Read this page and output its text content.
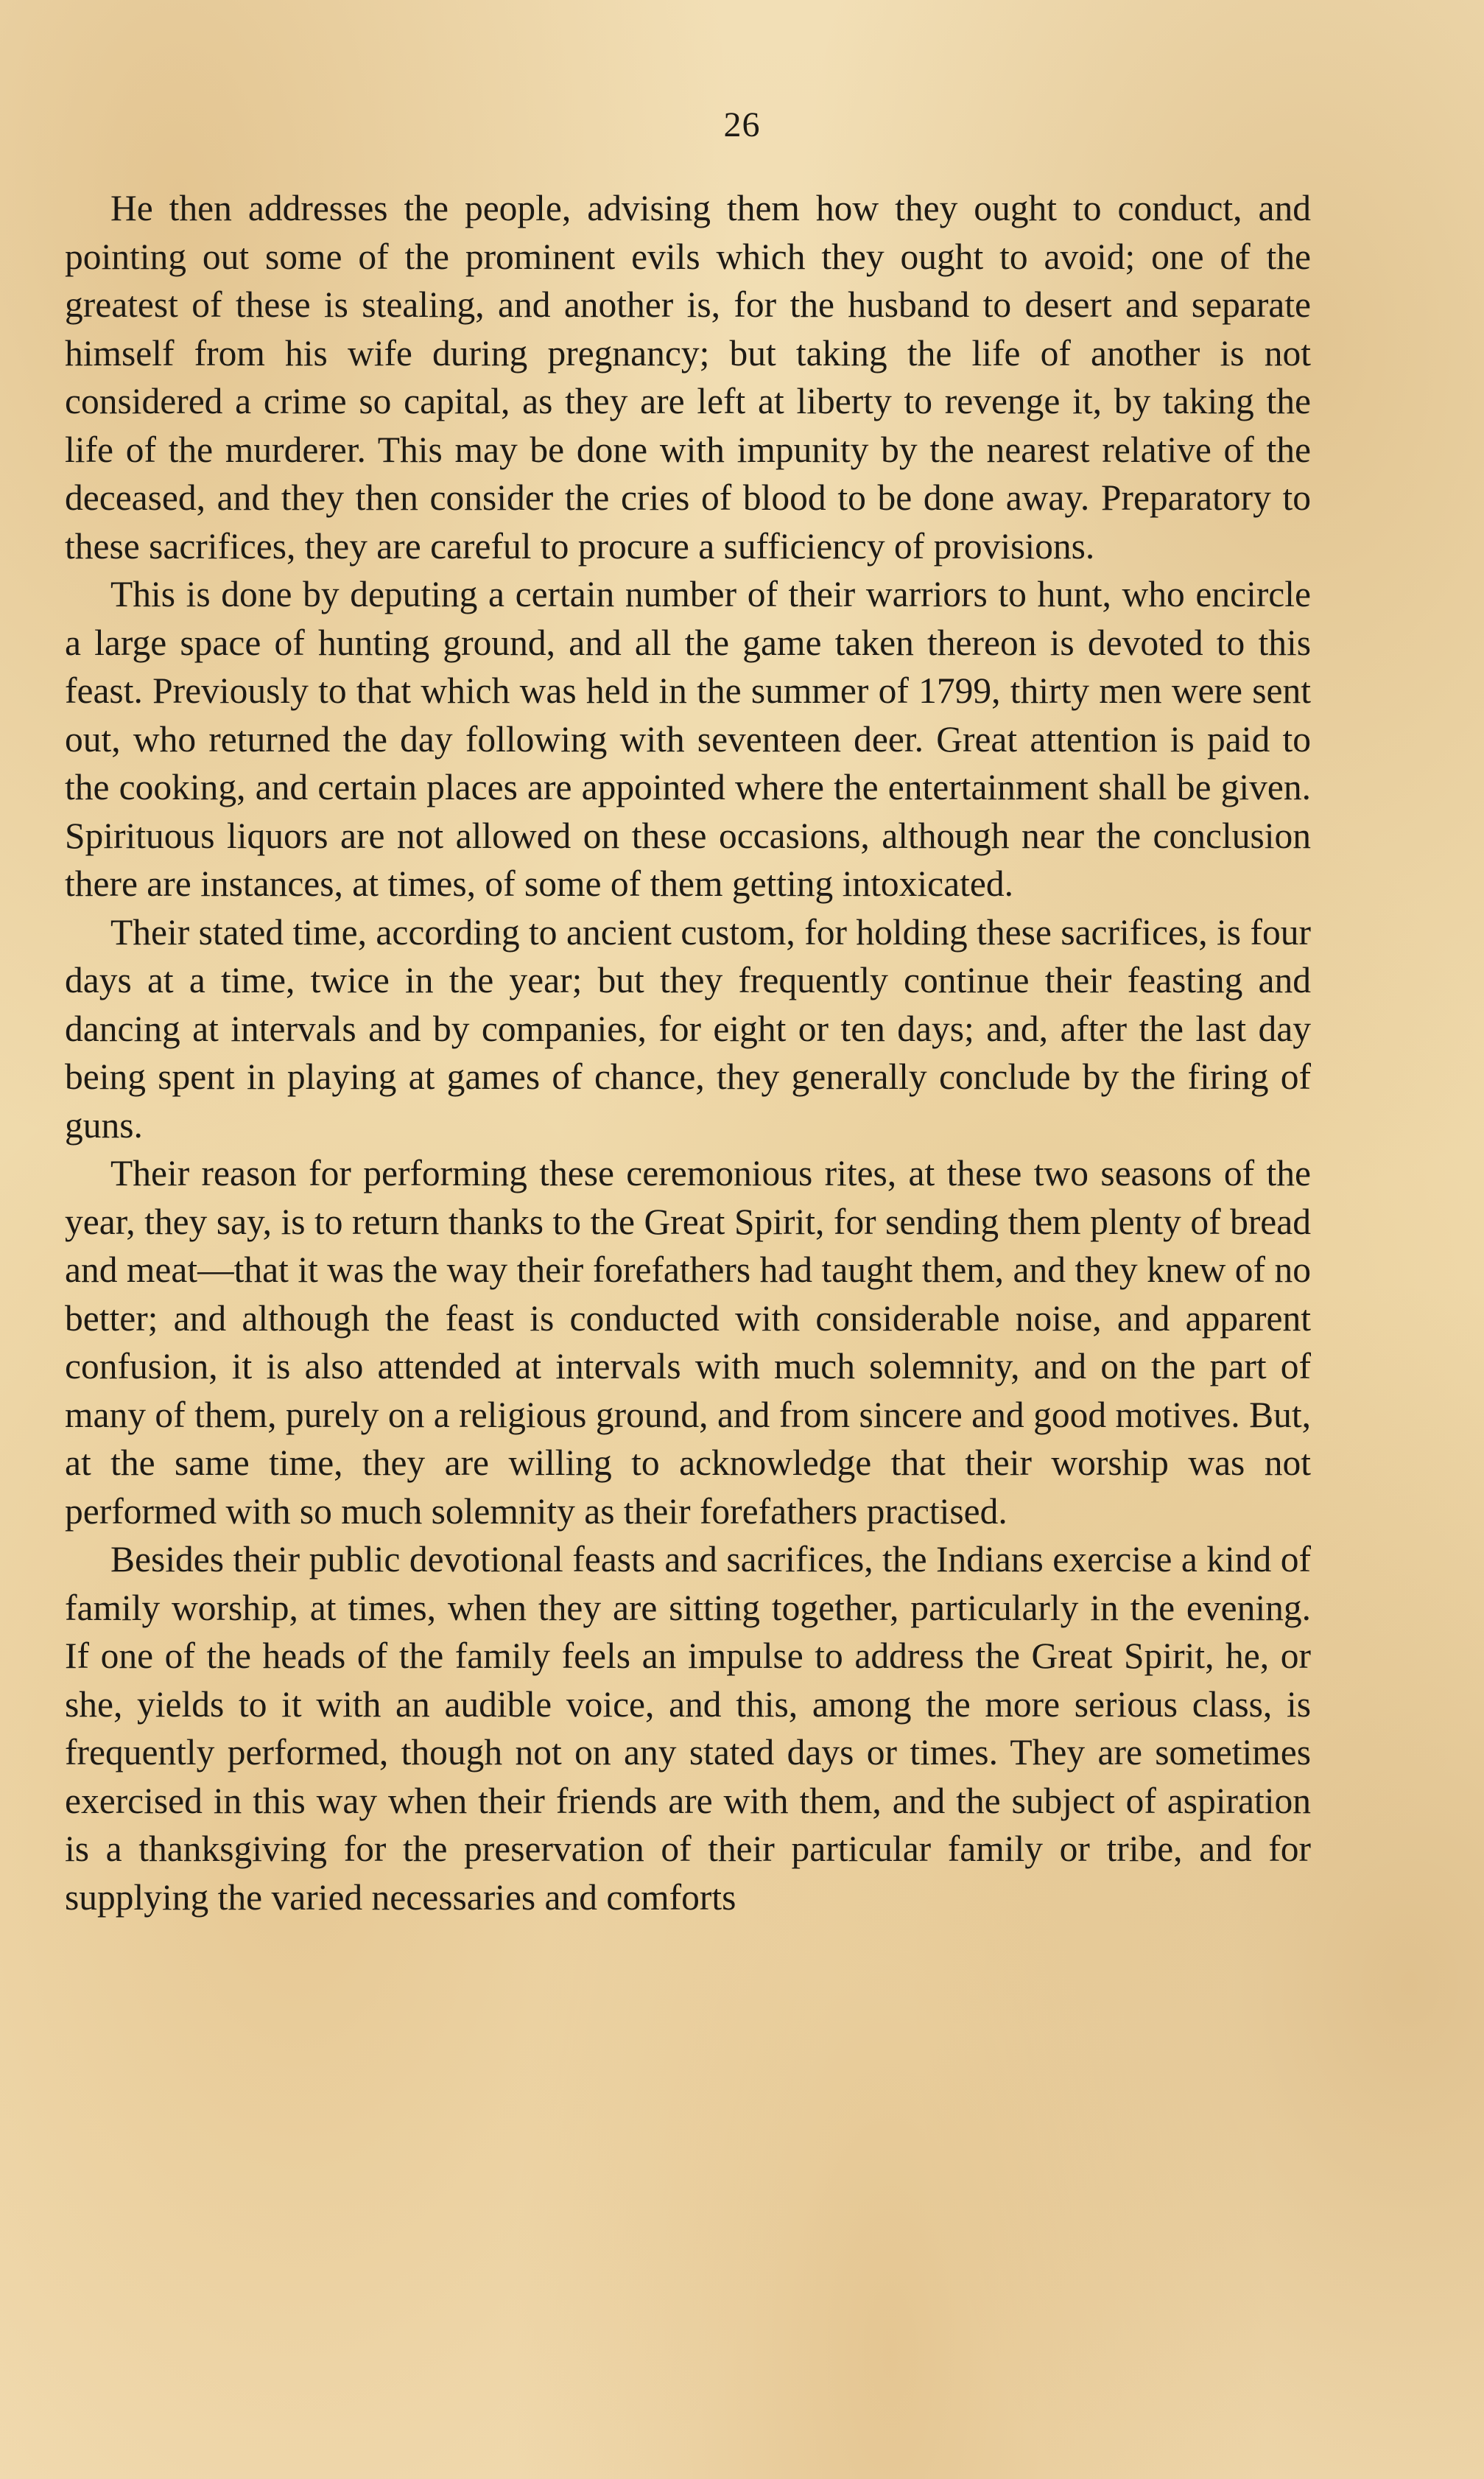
26

He then addresses the people, advising them how they ought to conduct, and pointing out some of the prominent evils which they ought to avoid; one of the greatest of these is stealing, and another is, for the husband to desert and separate himself from his wife during pregnancy; but taking the life of another is not considered a crime so capital, as they are left at liberty to revenge it, by taking the life of the murderer. This may be done with impunity by the nearest relative of the deceased, and they then consider the cries of blood to be done away. Preparatory to these sacrifices, they are careful to procure a sufficiency of provisions.

This is done by deputing a certain number of their warriors to hunt, who encircle a large space of hunting ground, and all the game taken thereon is devoted to this feast. Previously to that which was held in the summer of 1799, thirty men were sent out, who returned the day following with seventeen deer. Great attention is paid to the cooking, and certain places are appointed where the entertainment shall be given. Spirituous liquors are not allowed on these occasions, although near the conclusion there are instances, at times, of some of them getting intoxicated.

Their stated time, according to ancient custom, for holding these sacrifices, is four days at a time, twice in the year; but they frequently continue their feasting and dancing at intervals and by companies, for eight or ten days; and, after the last day being spent in playing at games of chance, they generally conclude by the firing of guns.

Their reason for performing these ceremonious rites, at these two seasons of the year, they say, is to return thanks to the Great Spirit, for sending them plenty of bread and meat—that it was the way their forefathers had taught them, and they knew of no better; and although the feast is conducted with considerable noise, and apparent confusion, it is also attended at intervals with much solemnity, and on the part of many of them, purely on a religious ground, and from sincere and good motives. But, at the same time, they are willing to acknowledge that their worship was not performed with so much solemnity as their forefathers practised.

Besides their public devotional feasts and sacrifices, the Indians exercise a kind of family worship, at times, when they are sitting together, particularly in the evening. If one of the heads of the family feels an impulse to address the Great Spirit, he, or she, yields to it with an audible voice, and this, among the more serious class, is frequently performed, though not on any stated days or times. They are sometimes exercised in this way when their friends are with them, and the subject of aspiration is a thanksgiving for the preservation of their particular family or tribe, and for supplying the varied necessaries and comforts
